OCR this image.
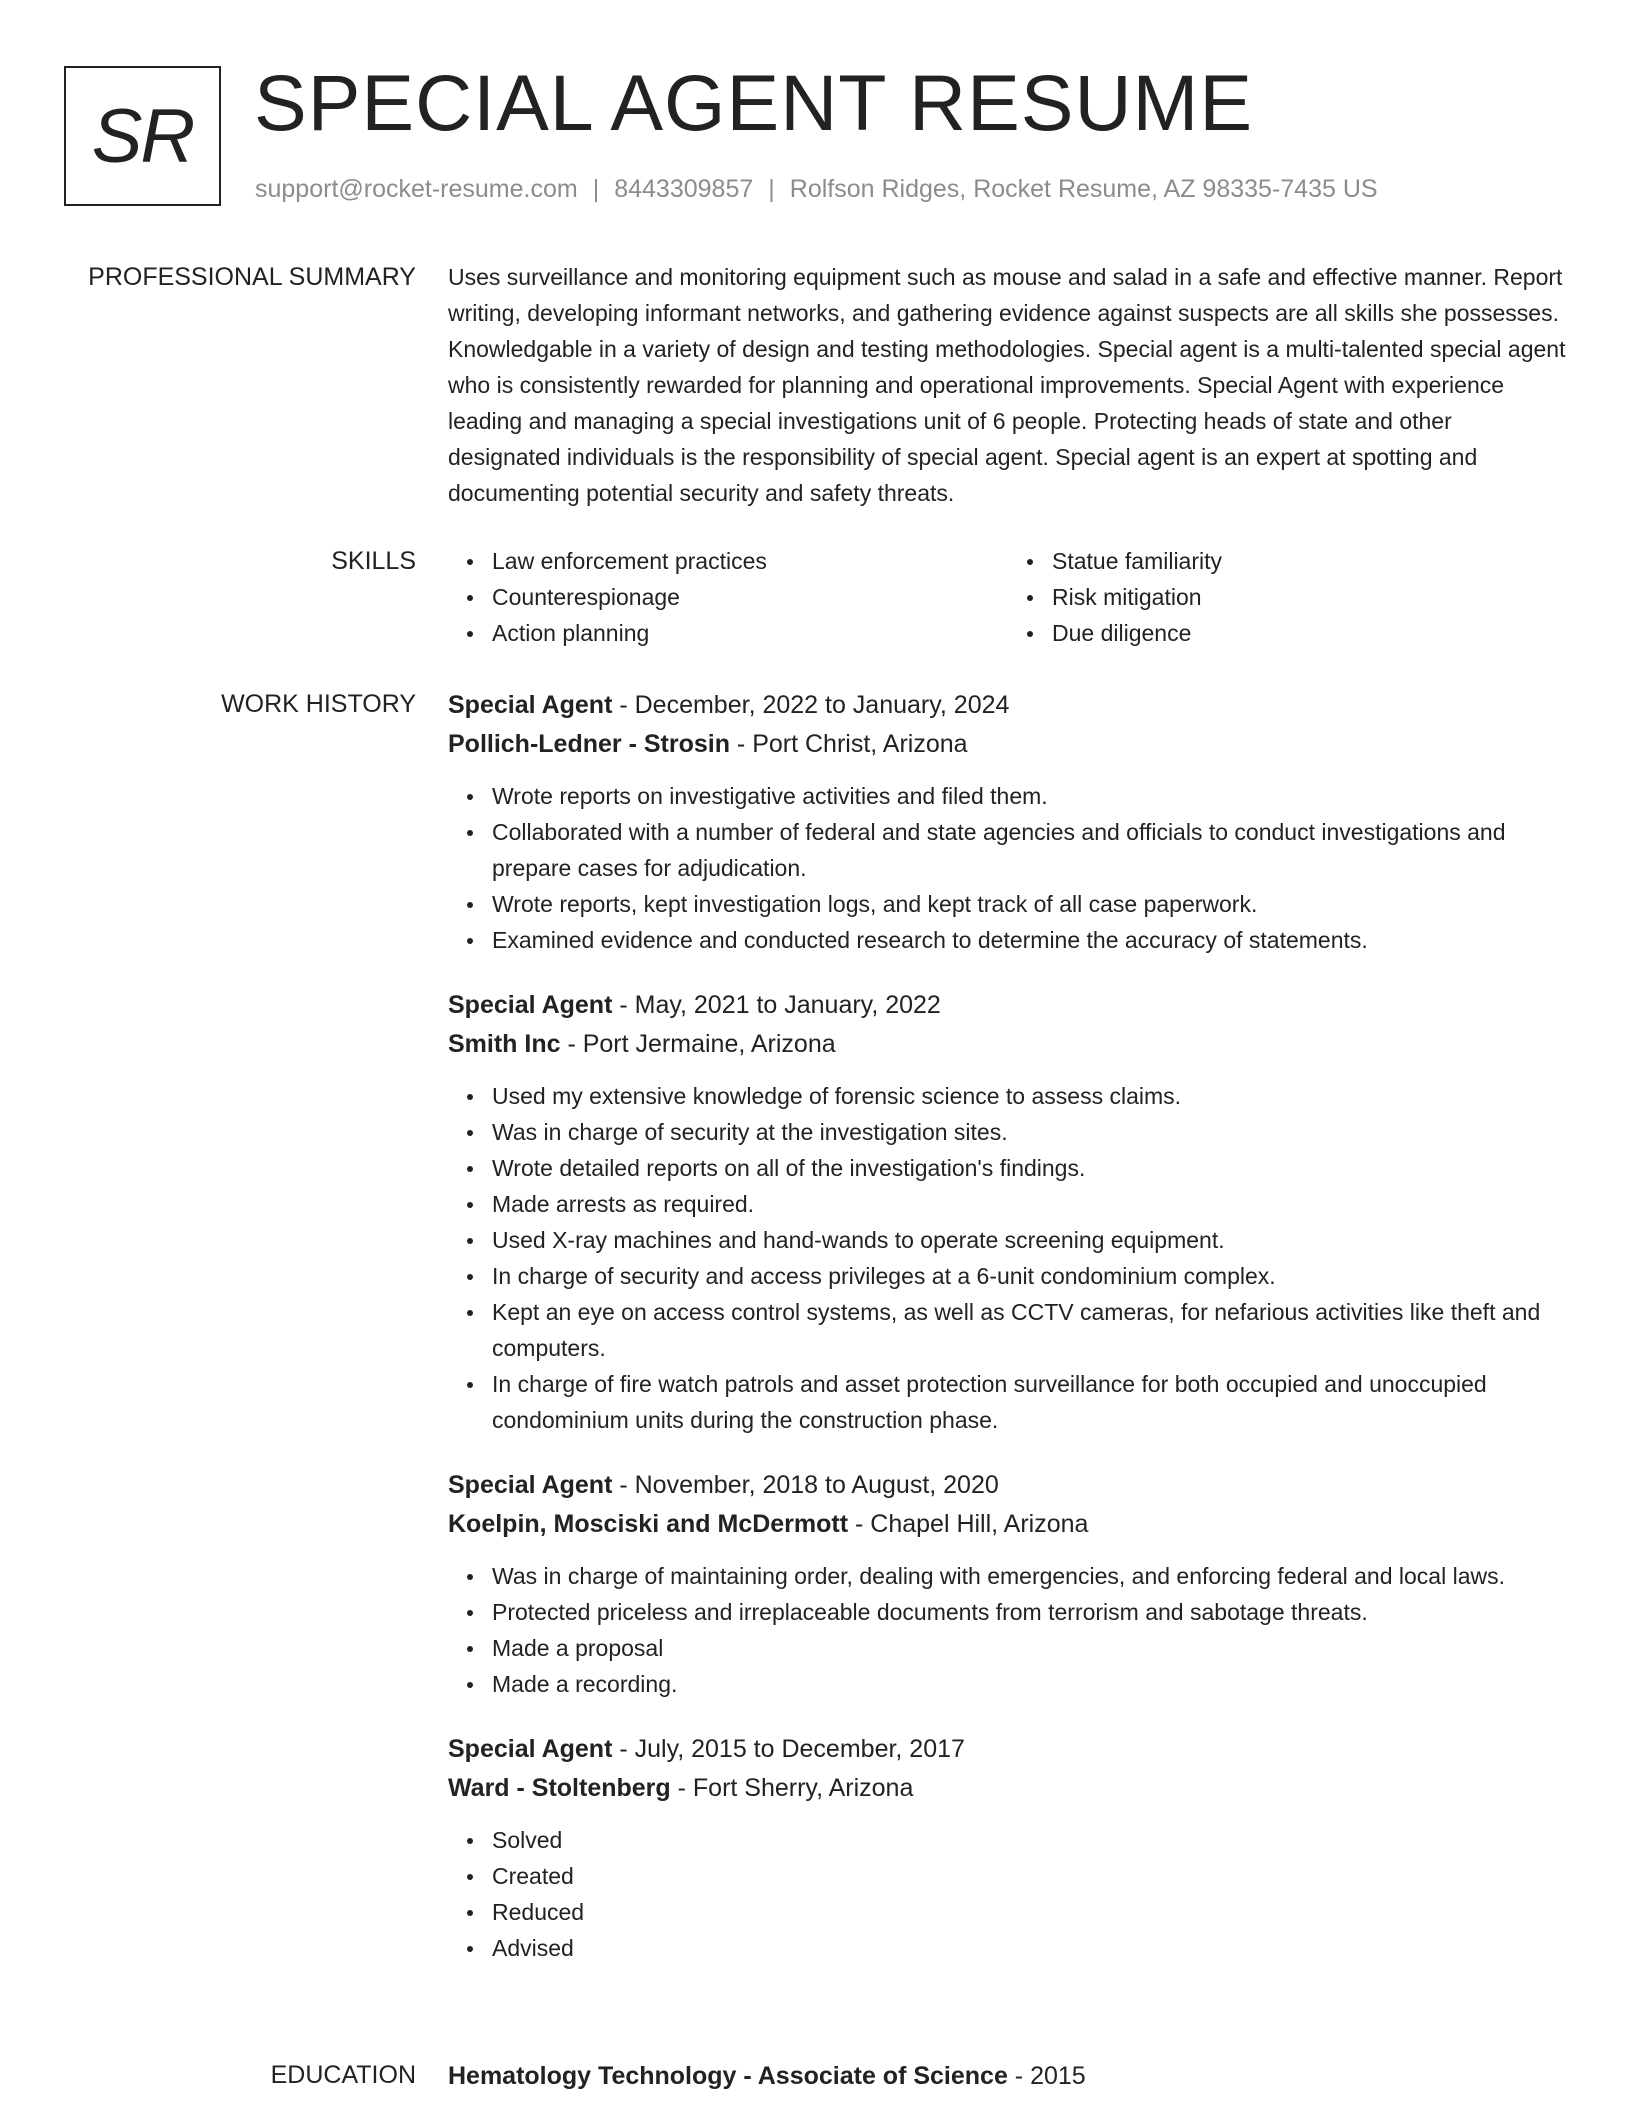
SR SPECIAL AGENT RESUME
support@rocket-resume.com | 8443309857 | Rolfson Ridges, Rocket Resume, AZ 98335-7435 US
PROFESSIONAL SUMMARY Uses surveillance and monitoring equipment such as mouse and salad in a safe and effective manner. Report writing, developing informant networks, and gathering evidence against suspects are all skills she possesses. Knowledgable in a variety of design and testing methodologies. Special agent is a multi-talented special agent who is consistently rewarded for planning and operational improvements. Special Agent with experience leading and managing a special investigations unit of 6 people. Protecting heads of state and other designated individuals is the responsibility of special agent. Special agent is an expert at spotting and documenting potential security and safety threats.

SKILLS	Law enforcement practices
Counterespionage
Action planning
Statue familiarity
Risk mitigation
Due diligence
WORK HISTORY Special Agent - December, 2022 to January, 2024
Pollich-Ledner - Strosin - Port Christ, Arizona
Wrote reports on investigative activities and filed them.
Collaborated with a number of federal and state agencies and officials to conduct investigations and prepare cases for adjudication.
Wrote reports, kept investigation logs, and kept track of all case paperwork.
Examined evidence and conducted research to determine the accuracy of statements.
Special Agent - May, 2021 to January, 2022
Smith Inc - Port Jermaine, Arizona
Used my extensive knowledge of forensic science to assess claims.
Was in charge of security at the investigation sites.
Wrote detailed reports on all of the investigation's findings.
Made arrests as required.
Used X-ray machines and hand-wands to operate screening equipment.
In charge of security and access privileges at a 6-unit condominium complex.
Kept an eye on access control systems, as well as CCTV cameras, for nefarious activities like theft and computers.
In charge of fire watch patrols and asset protection surveillance for both occupied and unoccupied condominium units during the construction phase.
Special Agent - November, 2018 to August, 2020
Koelpin, Mosciski and McDermott - Chapel Hill, Arizona
Was in charge of maintaining order, dealing with emergencies, and enforcing federal and local laws.
Protected priceless and irreplaceable documents from terrorism and sabotage threats.
Made a proposal
Made a recording.
Special Agent - July, 2015 to December, 2017
Ward - Stoltenberg - Fort Sherry, Arizona
Solved
Created
Reduced
Advised
EDUCATION Hematology Technology - Associate of Science - 2015
